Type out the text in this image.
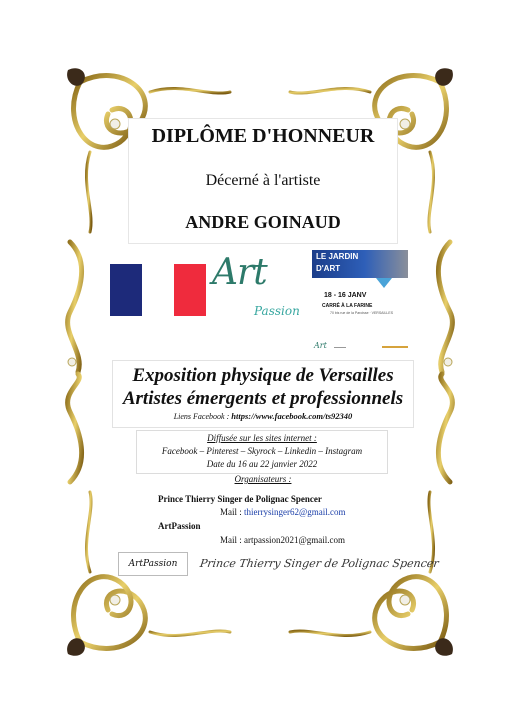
DIPLÔME D'HONNEUR
Décerné à l'artiste
ANDRE GOINAUD
Art
Passion
LE JARDIN
D'ART
18 - 16 JANV
CARRÉ À LA FARINE
70 bis rue de la Paroisse · VERSAILLES
Art
Exposition physique de Versailles
Artistes émergents et professionnels
Liens Facebook : https://www.facebook.com/ts92340
Diffusée sur les sites internet :
Facebook – Pinterest – Skyrock – Linkedin – Instagram
Date du 16 au 22 janvier 2022
Organisateurs :
Prince Thierry Singer de Polignac Spencer
Mail : thierrysinger62@gmail.com
ArtPassion
Mail : artpassion2021@gmail.com
ArtPassion	Prince Thierry Singer de Polignac Spencer
